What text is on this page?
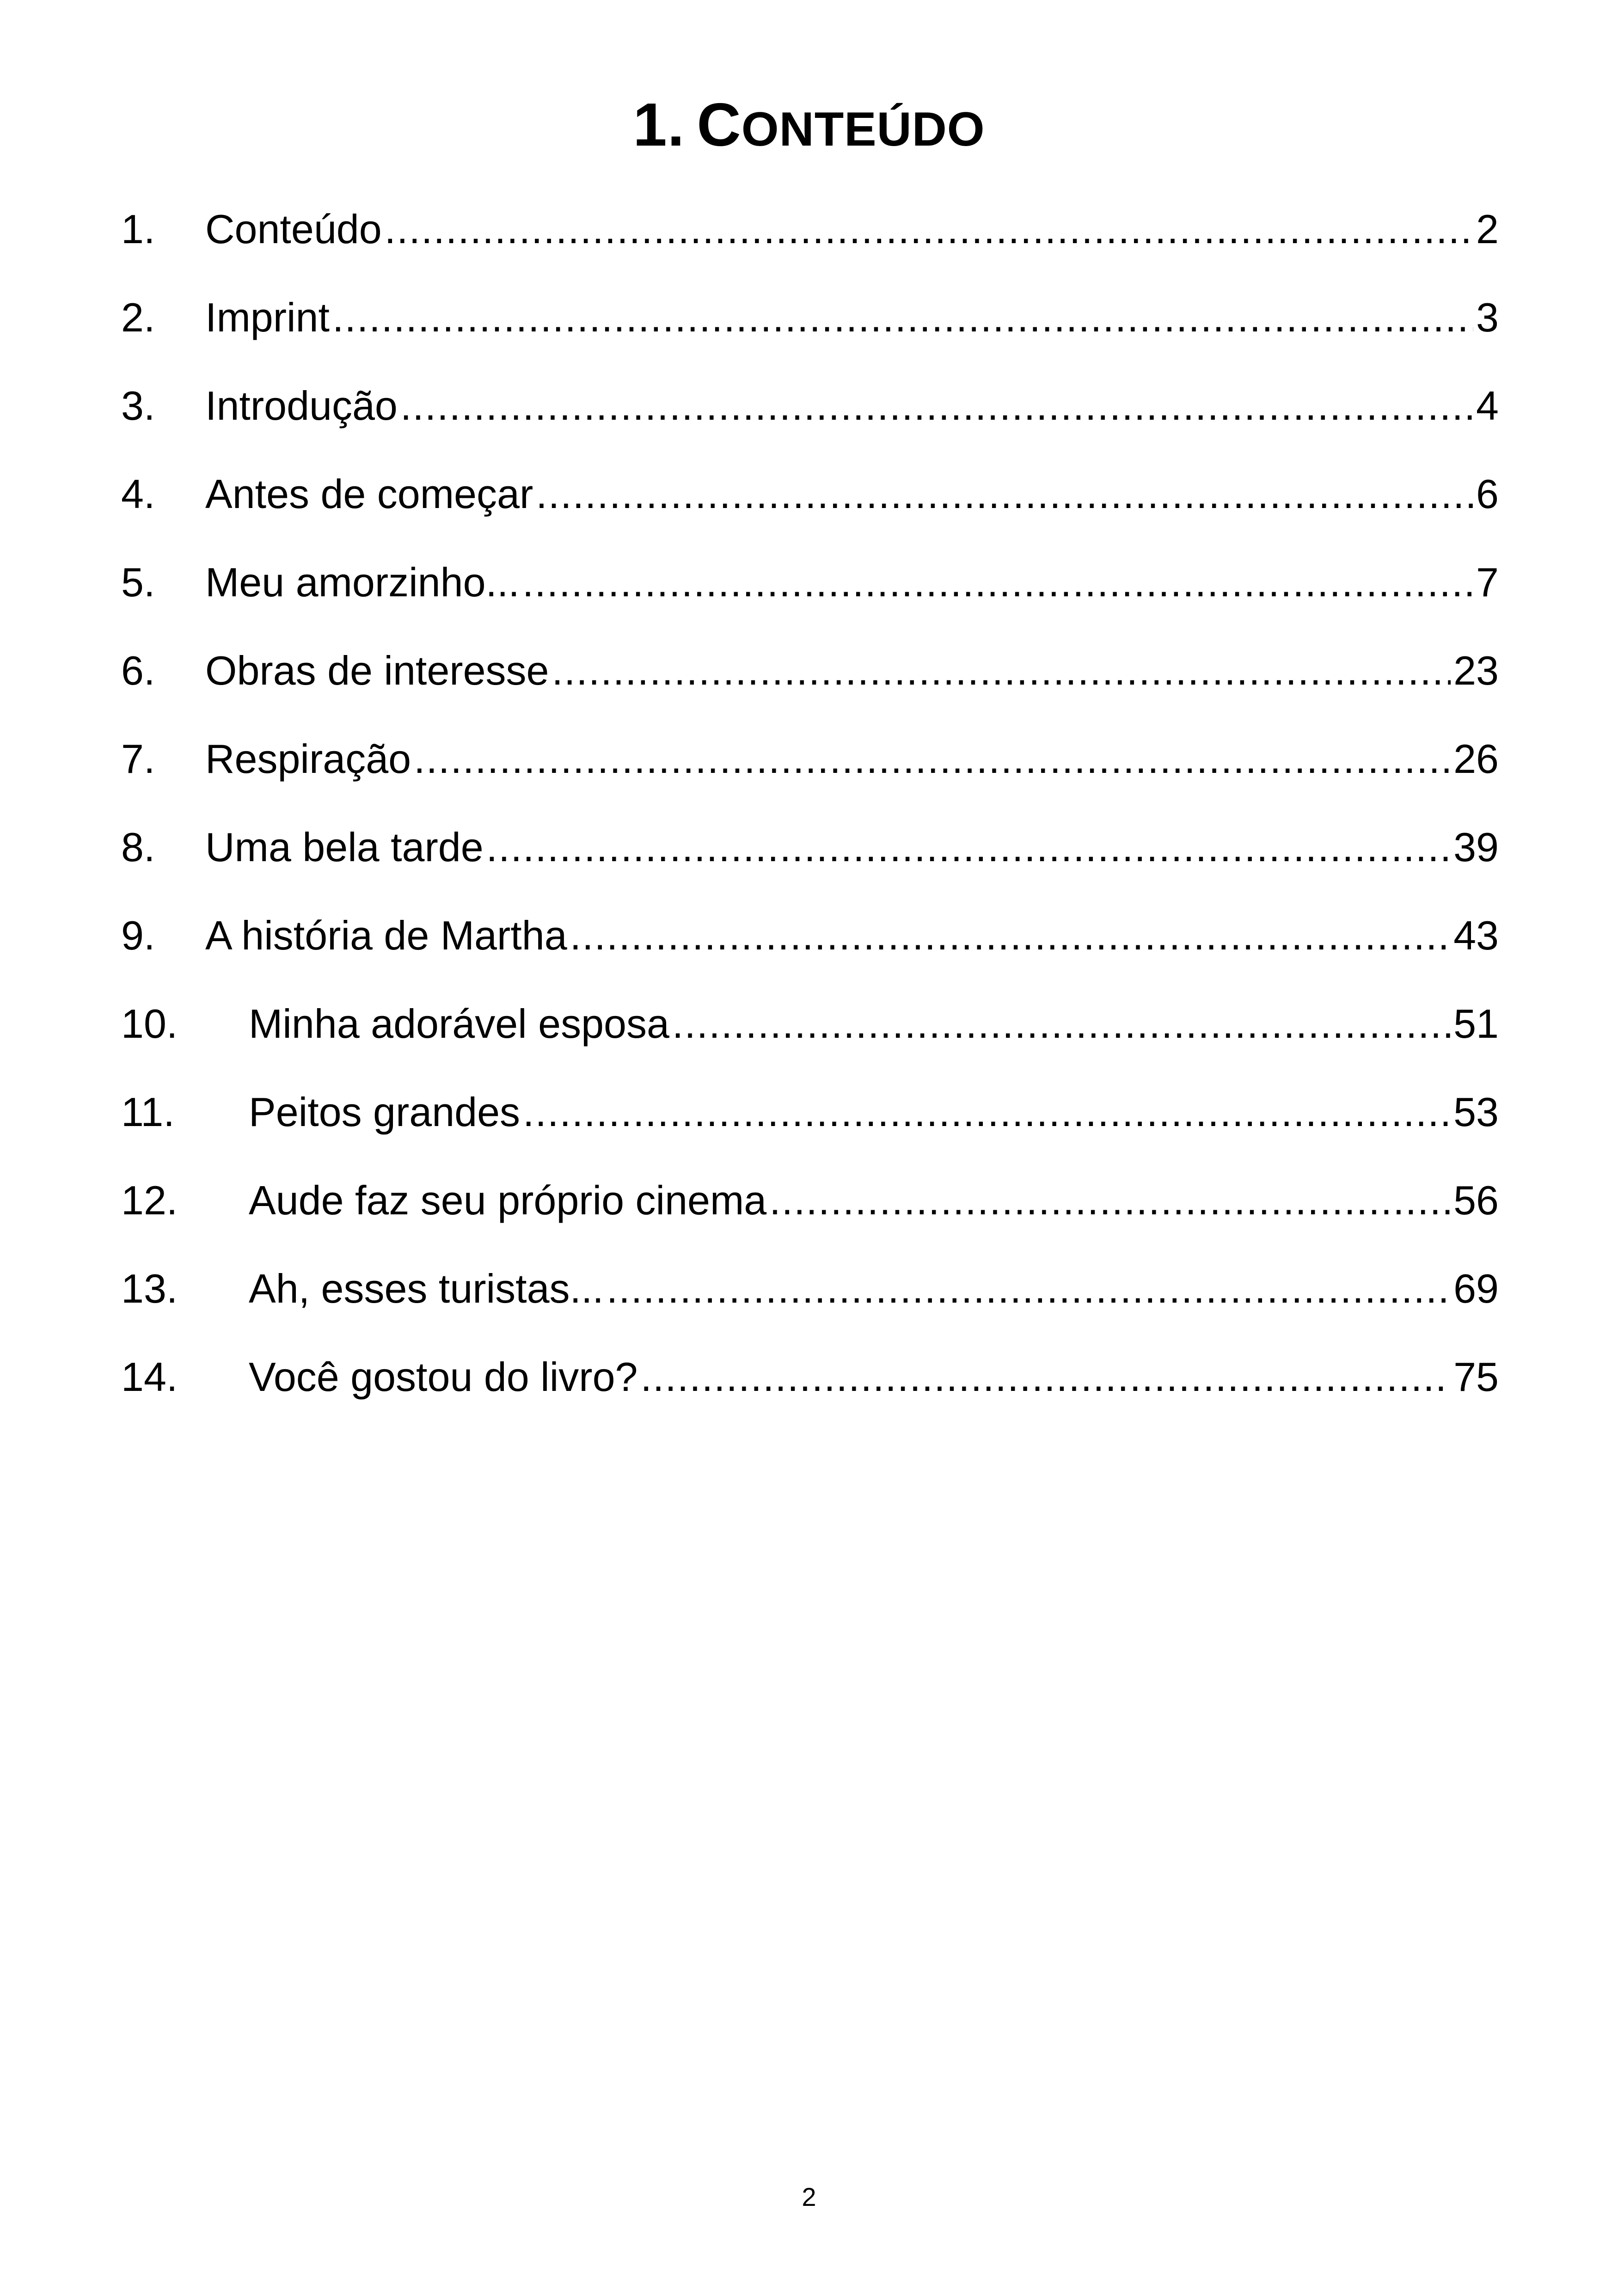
1. CONTEÚDO
1.	Conteúdo .....	2
2.	Imprint .....	3
3.	Introdução .....	4
4.	Antes de começar .....	6
5.	Meu amorzinho... .....	7
6.	Obras de interesse .....	23
7.	Respiração .....	26
8.	Uma bela tarde .....	39
9.	A história de Martha .....	43
10.	Minha adorável esposa .....	51
11.	Peitos grandes .....	53
12.	Aude faz seu próprio cinema .....	56
13.	Ah, esses turistas... .....	69
14.	Você gostou do livro? .....	75
2
